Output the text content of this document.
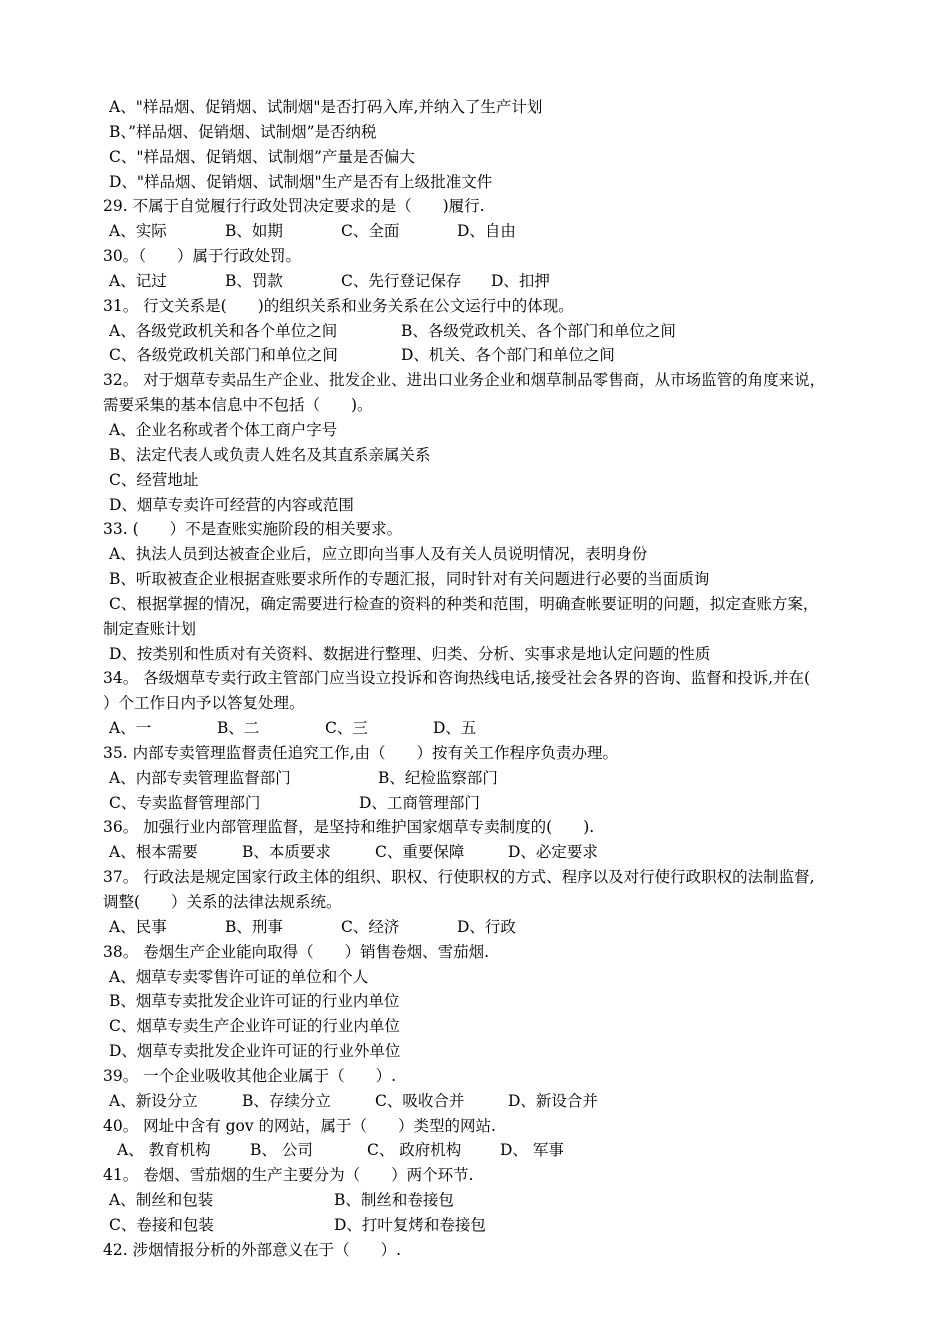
A、"样品烟、促销烟、试制烟"是否打码入库,并纳入了生产计划
B、”样品烟、促销烟、试制烟”是否纳税
C、"样品烟、促销烟、试制烟”产量是否偏大
D、"样品烟、促销烟、试制烟"生产是否有上级批准文件
29. 不属于自觉履行行政处罚决定要求的是（　　)履行.
A、实际	B、如期	C、全面	D、自由
30。（　　）属于行政处罚。
A、记过	B、罚款	C、先行登记保存	D、扣押
31。 行文关系是(　　)的组织关系和业务关系在公文运行中的体现。
A、各级党政机关和各个单位之间	B、各级党政机关、各个部门和单位之间
C、各级党政机关部门和单位之间	D、机关、各个部门和单位之间
32。 对于烟草专卖品生产企业、批发企业、进出口业务企业和烟草制品零售商，从市场监管的角度来说，
需要采集的基本信息中不包括（　　)。
A、企业名称或者个体工商户字号
B、法定代表人或负责人姓名及其直系亲属关系
C、经营地址
D、烟草专卖许可经营的内容或范围
33. (　　）不是查账实施阶段的相关要求。
A、执法人员到达被查企业后，应立即向当事人及有关人员说明情况，表明身份
B、听取被查企业根据查账要求所作的专题汇报，同时针对有关问题进行必要的当面质询
C、根据掌握的情况，确定需要进行检查的资料的种类和范围，明确查帐要证明的问题，拟定查账方案，
制定查账计划
D、按类别和性质对有关资料、数据进行整理、归类、分析、实事求是地认定问题的性质
34。 各级烟草专卖行政主管部门应当设立投诉和咨询热线电话,接受社会各界的咨询、监督和投诉,并在(
）个工作日内予以答复处理。
A、一	B、二	C、三	D、五
35. 内部专卖管理监督责任追究工作,由（　　）按有关工作程序负责办理。
A、内部专卖管理监督部门	B、纪检监察部门
C、专卖监督管理部门	D、工商管理部门
36。 加强行业内部管理监督，是坚持和维护国家烟草专卖制度的(　　).
A、根本需要	B、本质要求	C、重要保障	D、必定要求
37。 行政法是规定国家行政主体的组织、职权、行使职权的方式、程序以及对行使行政职权的法制监督,
调整(　　）关系的法律法规系统。
A、民事	B、刑事	C、经济	D、行政
38。 卷烟生产企业能向取得（　　）销售卷烟、雪茄烟.
A、烟草专卖零售许可证的单位和个人
B、烟草专卖批发企业许可证的行业内单位
C、烟草专卖生产企业许可证的行业内单位
D、烟草专卖批发企业许可证的行业外单位
39。 一个企业吸收其他企业属于（　　）.
A、新设分立	B、存续分立	C、吸收合并	D、新设合并
40。 网址中含有 gov 的网站，属于（　　）类型的网站.
A、 教育机构	B、 公司	C、 政府机构	D、 军事
41。 卷烟、雪茄烟的生产主要分为（　　）两个环节.
A、制丝和包装	B、制丝和卷接包
C、卷接和包装	D、打叶复烤和卷接包
42. 涉烟情报分析的外部意义在于（　　）.
